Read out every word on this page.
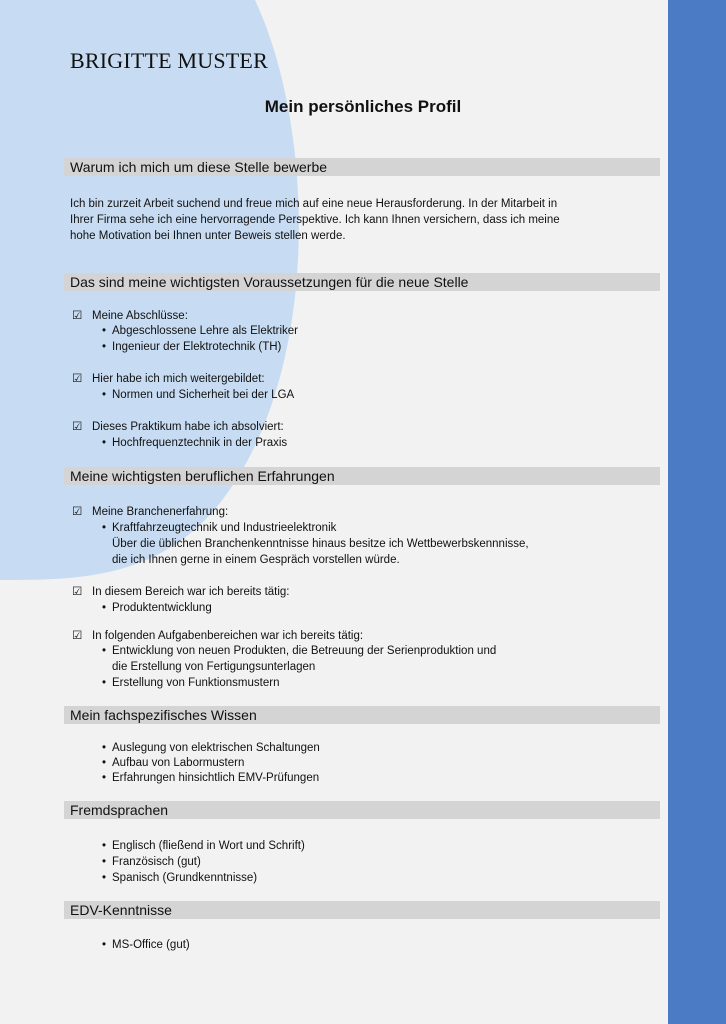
BRIGITTE MUSTER
Mein persönliches Profil
Warum ich mich um diese Stelle bewerbe
Ich bin zurzeit Arbeit suchend und freue mich auf eine neue Herausforderung. In der Mitarbeit in
Ihrer Firma sehe ich eine hervorragende Perspektive. Ich kann Ihnen versichern, dass ich meine
hohe Motivation bei Ihnen unter Beweis stellen werde.
Das sind meine wichtigsten Voraussetzungen für die neue Stelle
☑ Meine Abschlüsse:
• Abgeschlossene Lehre als Elektriker
• Ingenieur der Elektrotechnik (TH)
☑ Hier habe ich mich weitergebildet:
• Normen und Sicherheit bei der LGA
☑ Dieses Praktikum habe ich absolviert:
• Hochfrequenztechnik in der Praxis
Meine wichtigsten beruflichen Erfahrungen
☑ Meine Branchenerfahrung:
• Kraftfahrzeugtechnik und Industrieelektronik
Über die üblichen Branchenkenntnisse hinaus besitze ich Wettbewerbskennnisse,
die ich Ihnen gerne in einem Gespräch vorstellen würde.
☑ In diesem Bereich war ich bereits tätig:
• Produktentwicklung
☑ In folgenden Aufgabenbereichen war ich bereits tätig:
• Entwicklung von neuen Produkten, die Betreuung der Serienproduktion und
die Erstellung von Fertigungsunterlagen
• Erstellung von Funktionsmustern
Mein fachspezifisches Wissen
• Auslegung von elektrischen Schaltungen
• Aufbau von Labormustern
• Erfahrungen hinsichtlich EMV-Prüfungen
Fremdsprachen
• Englisch (fließend in Wort und Schrift)
• Französisch (gut)
• Spanisch (Grundkenntnisse)
EDV-Kenntnisse
• MS-Office (gut)
